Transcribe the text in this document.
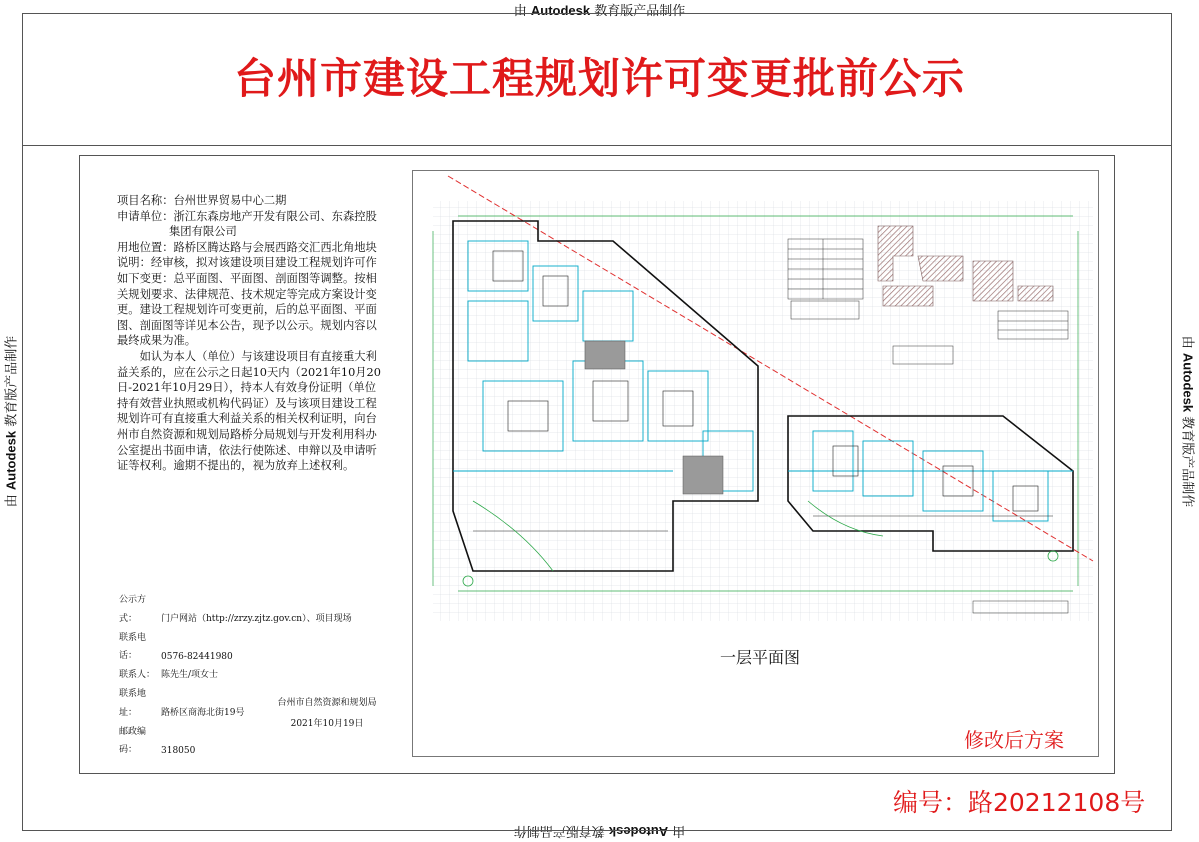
由 Autodesk 教育版产品制作
由 Autodesk 教育版产品制作
由 Autodesk 教育版产品制作	由 Autodesk 教育版产品制作
台州市建设工程规划许可变更批前公示

项目名称：台州世界贸易中心二期

申请单位：浙江东森房地产开发有限公司、东森控股集团有限公司

用地位置：路桥区腾达路与会展西路交汇西北角地块

说明：经审核，拟对该建设项目建设工程规划许可作如下变更：总平面图、平面图、剖面图等调整。按相关规划要求、法律规范、技术规定等完成方案设计变更。建设工程规划许可变更前，后的总平面图、平面图、剖面图等详见本公告，现予以公示。规划内容以最终成果为准。

如认为本人（单位）与该建设项目有直接重大利益关系的，应在公示之日起10天内（2021年10月20日-2021年10月29日），持本人有效身份证明（单位持有效营业执照或机构代码证）及与该项目建设工程规划许可有直接重大利益关系的相关权利证明，向台州市自然资源和规划局路桥分局规划与开发利用科办公室提出书面申请，依法行使陈述、申辩以及申请听证等权利。逾期不提出的，视为放弃上述权利。

公示方式：	门户网站（http://zrzy.zjtz.gov.cn）、项目现场
联系电话：	0576-82441980
联系人： 陈先生/项女士
联系地址：	路桥区商海北街19号
邮政编码：	318050
台州市自然资源和规划局
2021年10月19日
一层平面图
修改后方案
编号：路20212108号
